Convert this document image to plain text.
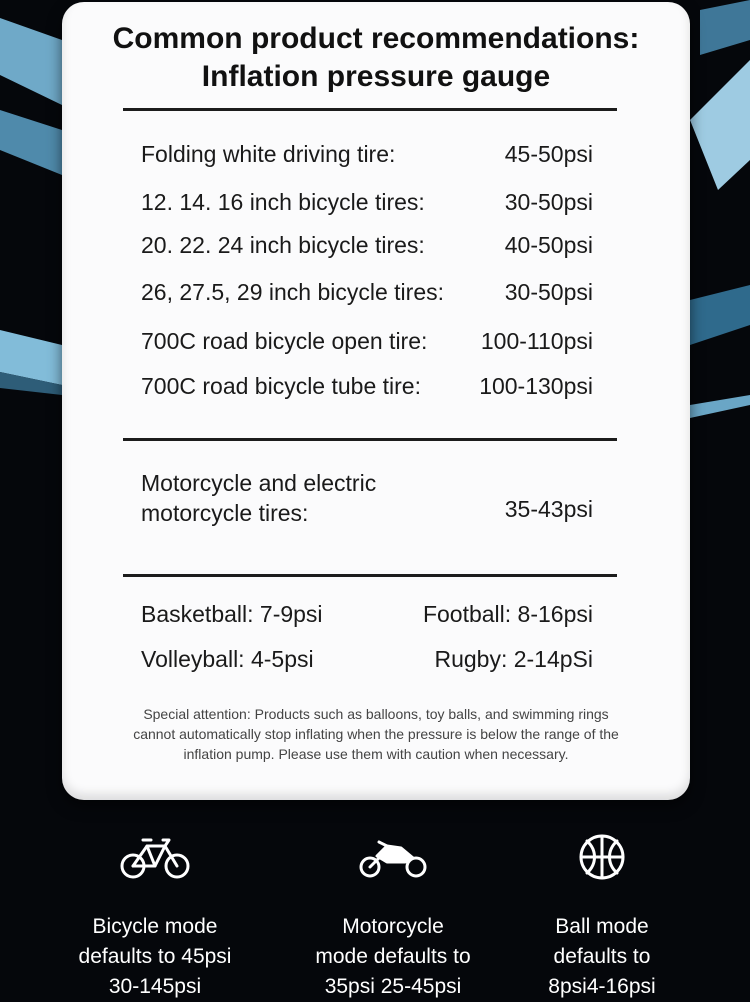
Common product recommendations:
Inflation pressure gauge
Folding white driving tire:	45-50psi
12. 14. 16 inch bicycle tires:	30-50psi
20. 22. 24 inch bicycle tires:	40-50psi
26, 27.5, 29 inch bicycle tires:	30-50psi
700C road bicycle open tire: 100-110psi
700C road bicycle tube tire:	100-130psi
Motorcycle and electric
motorcycle tires:	35-43psi
Basketball: 7-9psi	Football: 8-16psi
Volleyball: 4-5psi	Rugby: 2-14pSi
Special attention: Products such as balloons, toy balls, and swimming rings
cannot automatically stop inflating when the pressure is below the range of the
inflation pump. Please use them with caution when necessary.
Bicycle mode
defaults to 45psi
30-145psi
Motorcycle
mode defaults to
35psi 25-45psi
Ball mode
defaults to
8psi4-16psi
